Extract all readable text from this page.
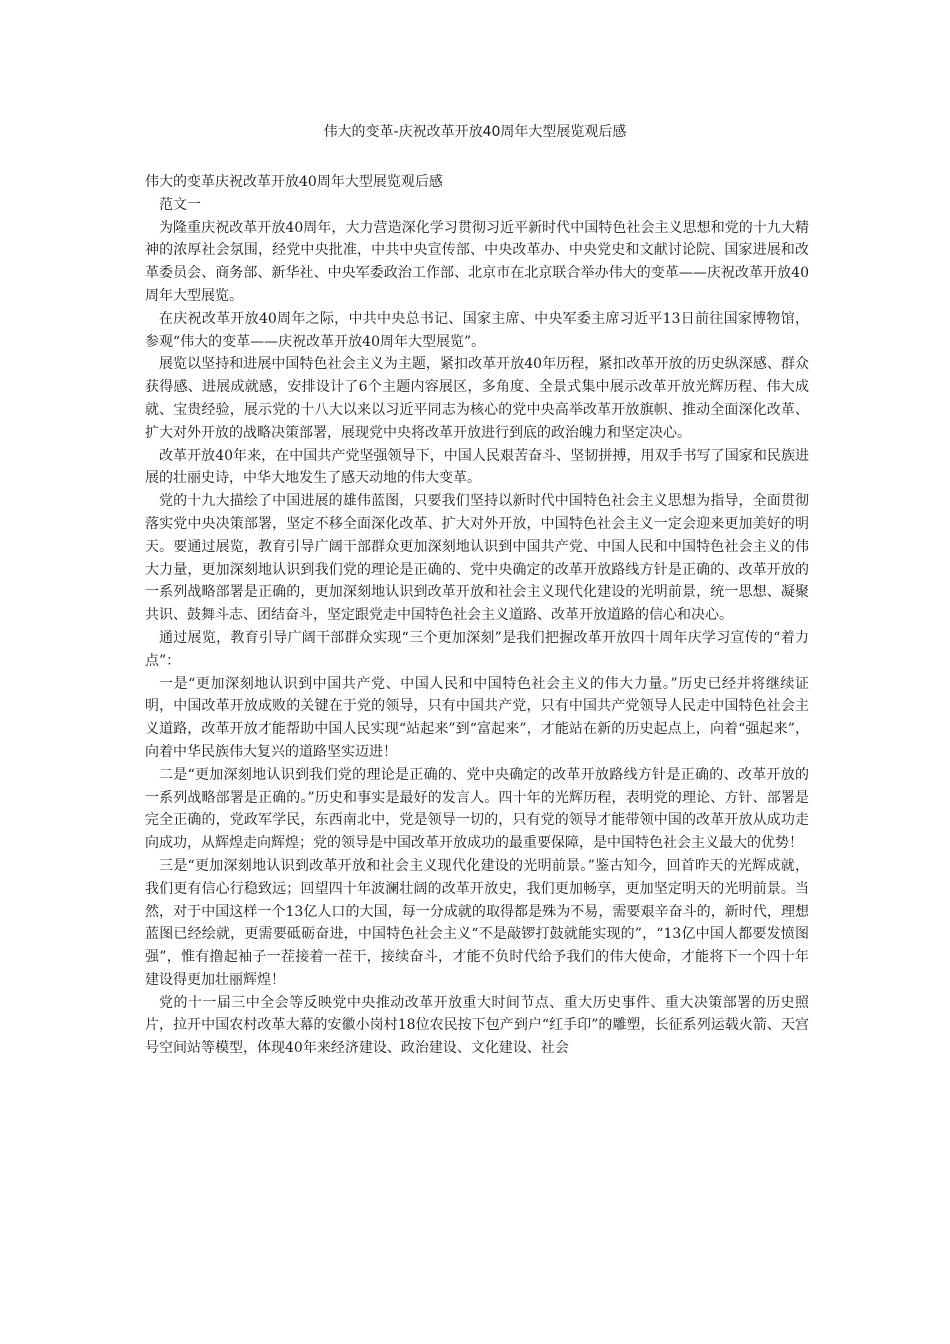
伟大的变革-庆祝改革开放40周年大型展览观后感

伟大的变革庆祝改革开放40周年大型展览观后感

范文一

为隆重庆祝改革开放40周年，大力营造深化学习贯彻习近平新时代中国特色社会主义思想和党的十九大精神的浓厚社会氛围，经党中央批准，中共中央宣传部、中央改革办、中央党史和文献讨论院、国家进展和改革委员会、商务部、新华社、中央军委政治工作部、北京市在北京联合举办伟大的变革——庆祝改革开放40周年大型展览。

在庆祝改革开放40周年之际，中共中央总书记、国家主席、中央军委主席习近平13日前往国家博物馆，参观“伟大的变革——庆祝改革开放40周年大型展览”。

展览以坚持和进展中国特色社会主义为主题，紧扣改革开放40年历程，紧扣改革开放的历史纵深感、群众获得感、进展成就感，安排设计了6个主题内容展区，多角度、全景式集中展示改革开放光辉历程、伟大成就、宝贵经验，展示党的十八大以来以习近平同志为核心的党中央高举改革开放旗帜、推动全面深化改革、扩大对外开放的战略决策部署，展现党中央将改革开放进行到底的政治魄力和坚定决心。

改革开放40年来，在中国共产党坚强领导下，中国人民艰苦奋斗、坚韧拼搏，用双手书写了国家和民族进展的壮丽史诗，中华大地发生了感天动地的伟大变革。

党的十九大描绘了中国进展的雄伟蓝图，只要我们坚持以新时代中国特色社会主义思想为指导，全面贯彻落实党中央决策部署，坚定不移全面深化改革、扩大对外开放，中国特色社会主义一定会迎来更加美好的明天。要通过展览，教育引导广阔干部群众更加深刻地认识到中国共产党、中国人民和中国特色社会主义的伟大力量，更加深刻地认识到我们党的理论是正确的、党中央确定的改革开放路线方针是正确的、改革开放的一系列战略部署是正确的，更加深刻地认识到改革开放和社会主义现代化建设的光明前景，统一思想、凝聚共识、鼓舞斗志、团结奋斗，坚定跟党走中国特色社会主义道路、改革开放道路的信心和决心。

通过展览，教育引导广阔干部群众实现“三个更加深刻”是我们把握改革开放四十周年庆学习宣传的“着力点”：

一是“更加深刻地认识到中国共产党、中国人民和中国特色社会主义的伟大力量。”历史已经并将继续证明，中国改革开放成败的关键在于党的领导，只有中国共产党，只有中国共产党领导人民走中国特色社会主义道路，改革开放才能帮助中国人民实现“站起来”到“富起来”，才能站在新的历史起点上，向着“强起来”，向着中华民族伟大复兴的道路坚实迈进！

二是“更加深刻地认识到我们党的理论是正确的、党中央确定的改革开放路线方针是正确的、改革开放的一系列战略部署是正确的。”历史和事实是最好的发言人。四十年的光辉历程，表明党的理论、方针、部署是完全正确的，党政军学民，东西南北中，党是领导一切的，只有党的领导才能带领中国的改革开放从成功走向成功，从辉煌走向辉煌；党的领导是中国改革开放成功的最重要保障，是中国特色社会主义最大的优势！

三是“更加深刻地认识到改革开放和社会主义现代化建设的光明前景。”鉴古知今，回首昨天的光辉成就，我们更有信心行稳致远；回望四十年波澜壮阔的改革开放史，我们更加畅享，更加坚定明天的光明前景。当然，对于中国这样一个13亿人口的大国，每一分成就的取得都是殊为不易，需要艰辛奋斗的，新时代，理想蓝图已经绘就，更需要砥砺奋进，中国特色社会主义“不是敲锣打鼓就能实现的”，“13亿中国人都要发愤图强”，惟有撸起袖子一茬接着一茬干，接续奋斗，才能不负时代给予我们的伟大使命，才能将下一个四十年建设得更加壮丽辉煌！

党的十一届三中全会等反映党中央推动改革开放重大时间节点、重大历史事件、重大决策部署的历史照片，拉开中国农村改革大幕的安徽小岗村18位农民按下包产到户“红手印”的雕塑，长征系列运载火箭、天宫号空间站等模型，体现40年来经济建设、政治建设、文化建设、社会
